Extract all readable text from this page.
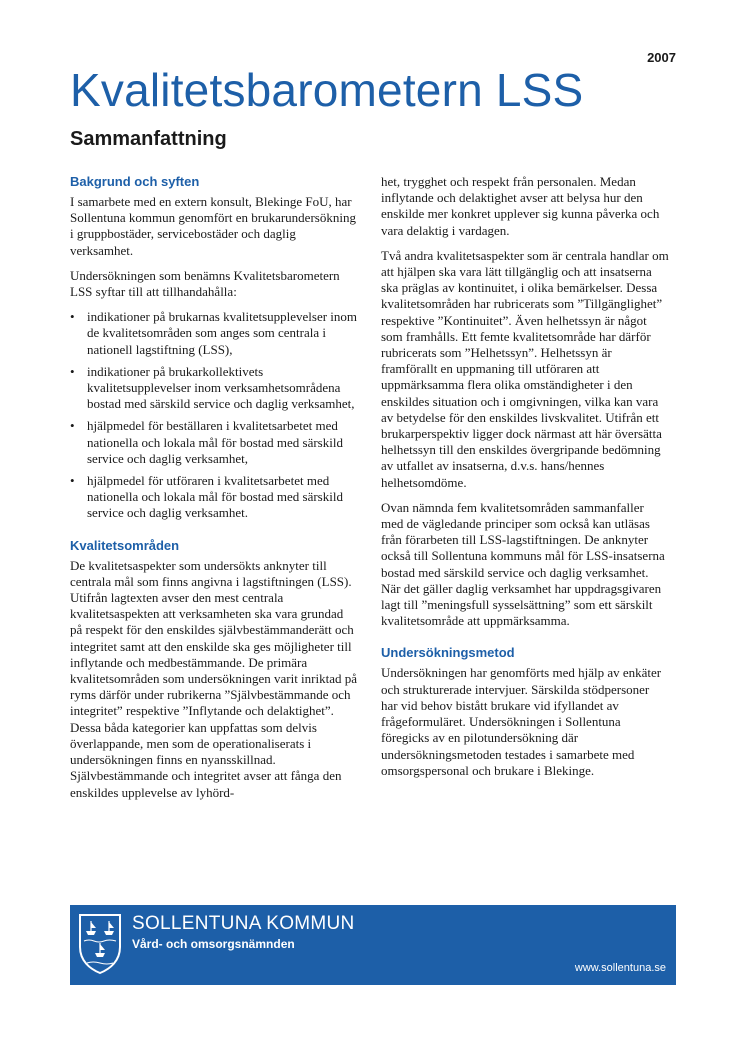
2007
Kvalitetsbarometern LSS
Sammanfattning
Bakgrund och syften

I samarbete med en extern konsult, Blekinge FoU, har Sollentuna kommun genomfört en brukarundersökning i gruppbostäder, servicebostäder och daglig verksamhet.

Undersökningen som benämns Kvalitetsbarometern LSS syftar till att tillhandahålla:

• indikationer på brukarnas kvalitetsupplevelser inom de kvalitetsområden som anges som centrala i nationell lagstiftning (LSS),
• indikationer på brukarkollektivets kvalitetsupplevelser inom verksamhetsområdena bostad med särskild service och daglig verksamhet,
• hjälpmedel för beställaren i kvalitetsarbetet med nationella och lokala mål för bostad med särskild service och daglig verksamhet,
• hjälpmedel för utföraren i kvalitetsarbetet med nationella och lokala mål för bostad med särskild service och daglig verksamhet.
Kvalitetsområden

De kvalitetsaspekter som undersökts anknyter till centrala mål som finns angivna i lagstiftningen (LSS). Utifrån lagtexten avser den mest centrala kvalitetsaspekten att verksamheten ska vara grundad på respekt för den enskildes självbestämmanderätt och integritet samt att den enskilde ska ges möjligheter till inflytande och medbestämmande. De primära kvalitetsområden som undersökningen varit inriktad på ryms därför under rubrikerna ”Självbestämmande och integritet” respektive ”Inflytande och delaktighet”. Dessa båda kategorier kan uppfattas som delvis överlappande, men som de operationaliserats i undersökningen finns en nyansskillnad. Självbestämmande och integritet avser att fånga den enskildes upplevelse av lyhörd-

het, trygghet och respekt från personalen. Medan inflytande och delaktighet avser att belysa hur den enskilde mer konkret upplever sig kunna påverka och vara delaktig i vardagen.

Två andra kvalitetsaspekter som är centrala handlar om att hjälpen ska vara lätt tillgänglig och att insatserna ska präglas av kontinuitet, i olika bemärkelser. Dessa kvalitetsområden har rubricerats som ”Tillgänglighet” respektive ”Kontinuitet”. Även helhetssyn är något som framhålls. Ett femte kvalitetsområde har därför rubricerats som ”Helhetssyn”. Helhetssyn är framförallt en uppmaning till utföraren att uppmärksamma flera olika omständigheter i den enskildes situation och i omgivningen, vilka kan vara av betydelse för den enskildes livskvalitet. Utifrån ett brukarperspektiv ligger dock närmast att här översätta helhetssyn till den enskildes övergripande bedömning av utfallet av insatserna, d.v.s. hans/hennes helhetsomdöme.

Ovan nämnda fem kvalitetsområden sammanfaller med de vägledande principer som också kan utläsas från förarbeten till LSS-lagstiftningen. De anknyter också till Sollentuna kommuns mål för LSS-insatserna bostad med särskild service och daglig verksamhet. När det gäller daglig verksamhet har uppdragsgivaren lagt till ”meningsfull sysselsättning” som ett särskilt kvalitetsområde att uppmärksamma.

Undersökningsmetod

Undersökningen har genomförts med hjälp av enkäter och strukturerade intervjuer. Särskilda stödpersoner har vid behov bistått brukare vid ifyllandet av frågeformuläret. Undersökningen i Sollentuna föregicks av en pilotundersökning där undersökningsmetoden testades i samarbete med omsorgspersonal och brukare i Blekinge.

SOLLENTUNA KOMMUN
Vård- och omsorgsnämnden
www.sollentuna.se
